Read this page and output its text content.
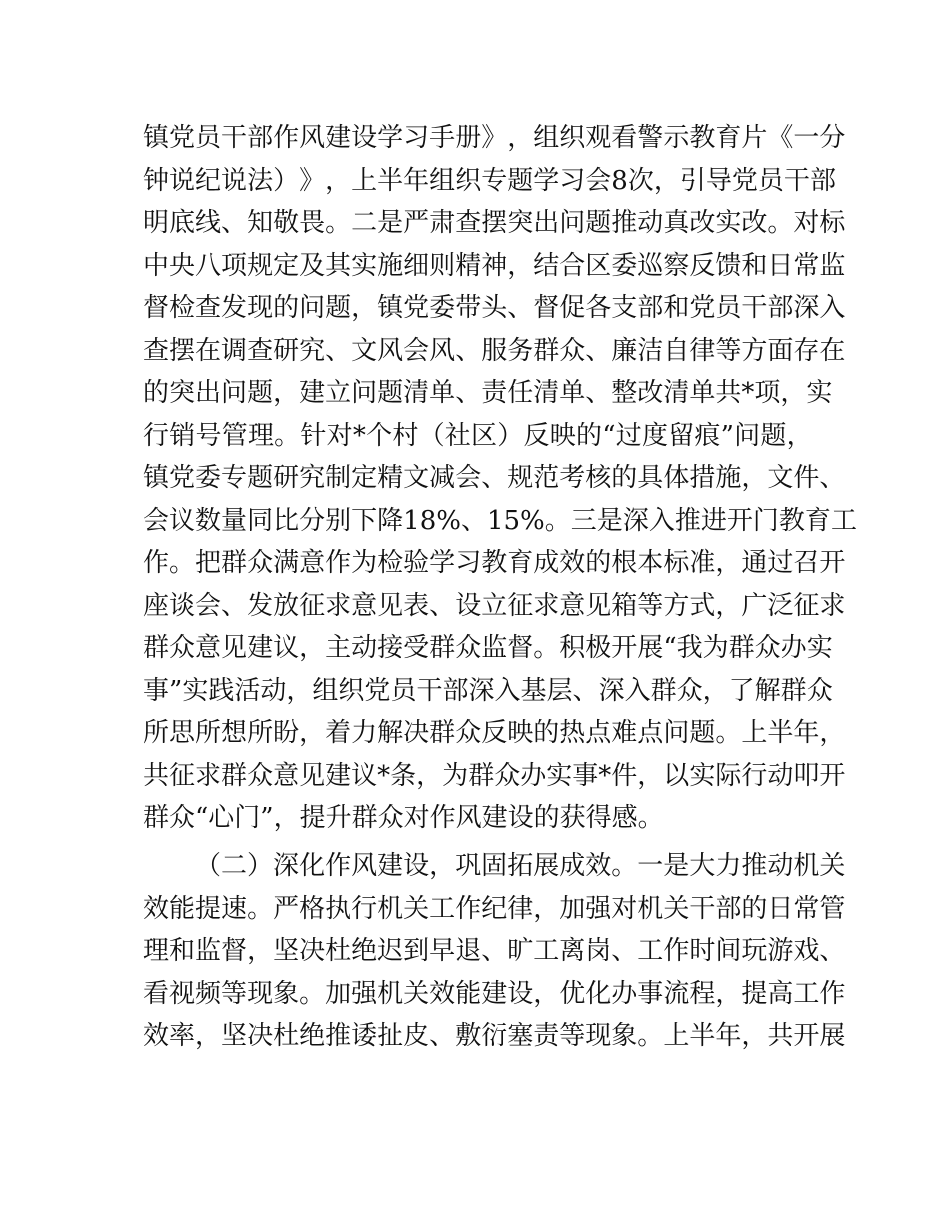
镇 党 员 干 部 作 风 建 设 学 习 手 册 》 ， 组 织 观 看 警 示 教 育 片 《 一 分
钟 说 纪 说 法 ） 》 ， 上 半 年 组 织 专 题 学 习 会 8 次 ， 引 导 党 员 干 部
明 底 线 、 知 敬 畏 。 二 是 严 肃 查 摆 突 出 问 题 推 动 真 改 实 改 。 对 标
中 央 八 项 规 定 及 其 实 施 细 则 精 神 ， 结 合 区 委 巡 察 反 馈 和 日 常 监
督 检 查 发 现 的 问 题 ， 镇 党 委 带 头 、 督 促 各 支 部 和 党 员 干 部 深 入
查 摆 在 调 查 研 究 、 文 风 会 风 、 服 务 群 众 、 廉 洁 自 律 等 方 面 存 在
的 突 出 问 题 ， 建 立 问 题 清 单 、 责 任 清 单 、 整 改 清 单 共 * 项 ， 实
行 销 号 管 理 。 针 对 * 个 村 （ 社 区 ） 反 映 的 “ 过 度 留 痕 ” 问 题 ，
镇 党 委 专 题 研 究 制 定 精 文 减 会 、 规 范 考 核 的 具 体 措 施 ， 文 件 、
会 议 数 量 同 比 分 别 下 降 18% 、 15% 。 三 是 深 入 推 进 开 门 教 育 工
作 。 把 群 众 满 意 作 为 检 验 学 习 教 育 成 效 的 根 本 标 准 ， 通 过 召 开
座 谈 会 、 发 放 征 求 意 见 表 、 设 立 征 求 意 见 箱 等 方 式 ， 广 泛 征 求
群 众 意 见 建 议 ， 主 动 接 受 群 众 监 督 。 积 极 开 展 “ 我 为 群 众 办 实
事 ” 实 践 活 动 ， 组 织 党 员 干 部 深 入 基 层 、 深 入 群 众 ， 了 解 群 众
所 思 所 想 所 盼 ， 着 力 解 决 群 众 反 映 的 热 点 难 点 问 题 。 上 半 年 ，
共 征 求 群 众 意 见 建 议 * 条 ， 为 群 众 办 实 事 * 件 ， 以 实 际 行 动 叩 开
群众“心门”，提升群众对作风建设的获得感。
（ 二 ） 深 化 作 风 建 设 ， 巩 固 拓 展 成 效 。 一 是 大 力 推 动 机 关
效 能 提 速 。 严 格 执 行 机 关 工 作 纪 律 ， 加 强 对 机 关 干 部 的 日 常 管
理 和 监 督 ， 坚 决 杜 绝 迟 到 早 退 、 旷 工 离 岗 、 工 作 时 间 玩 游 戏 、
看 视 频 等 现 象 。 加 强 机 关 效 能 建 设 ， 优 化 办 事 流 程 ， 提 高 工 作
效 率 ， 坚 决 杜 绝 推 诿 扯 皮 、 敷 衍 塞 责 等 现 象 。 上 半 年 ， 共 开 展
